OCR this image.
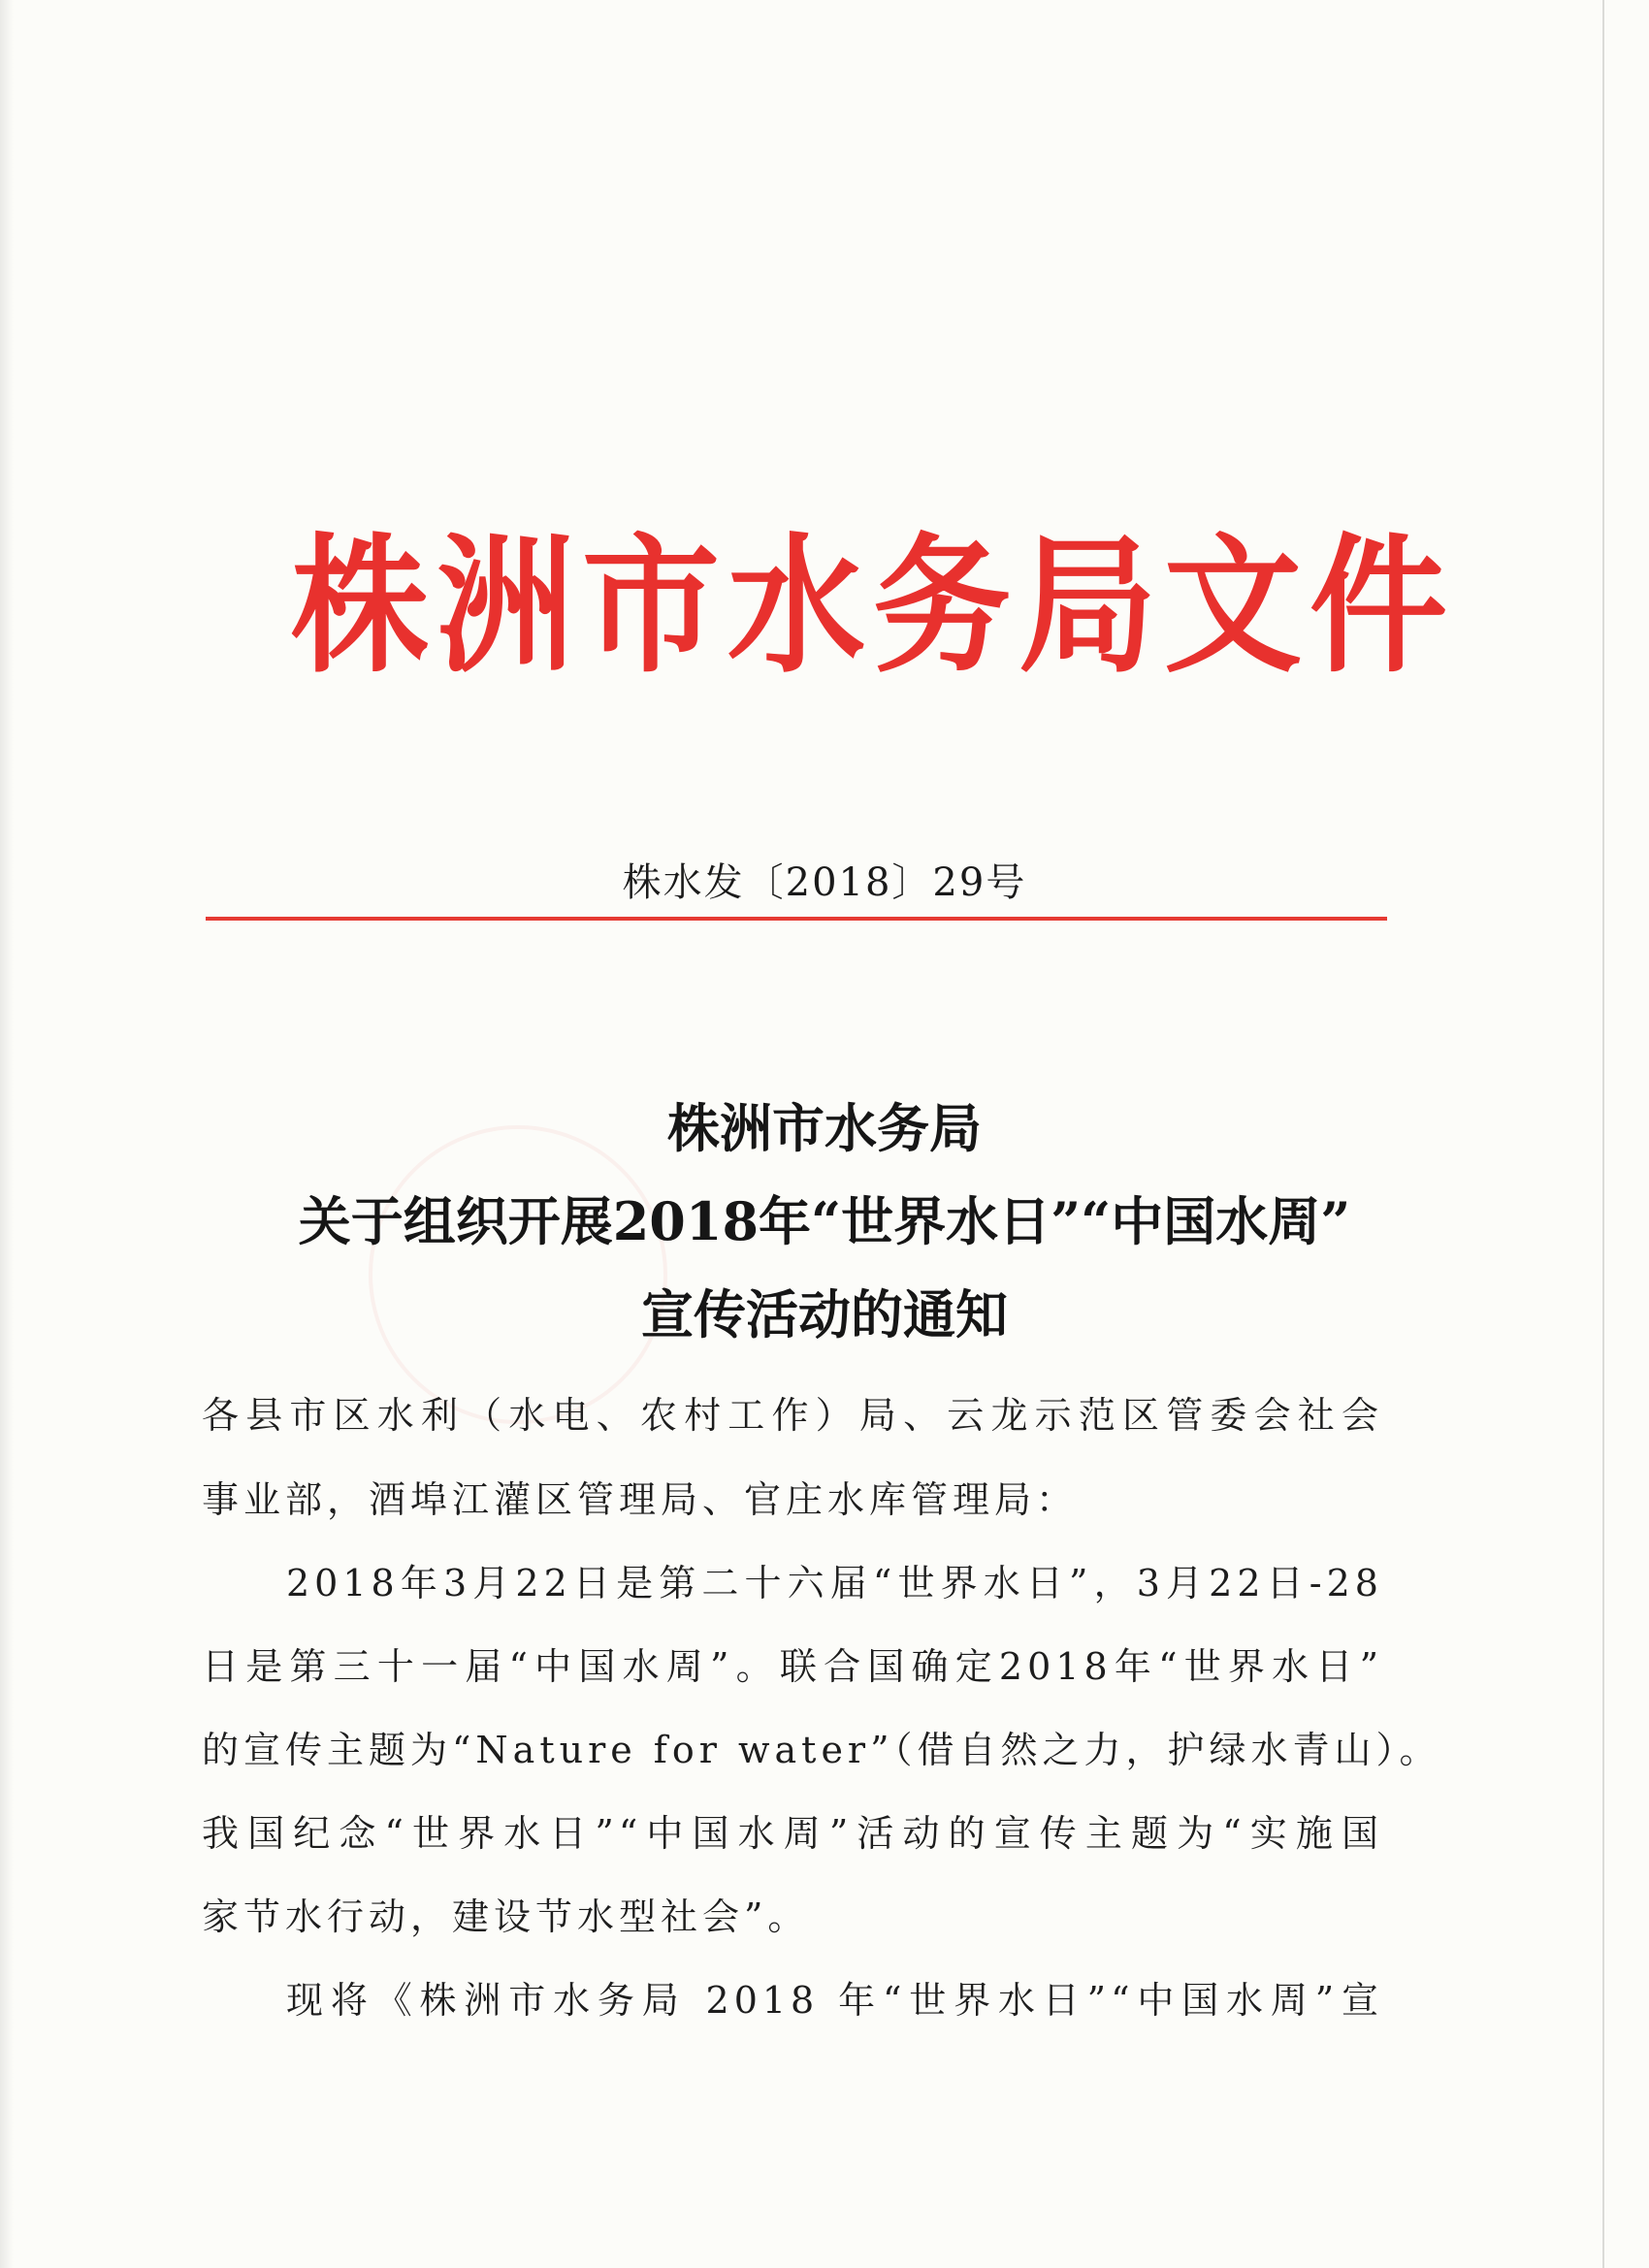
株洲市水务局文件
株水发〔2018〕29号
株洲市水务局
关于组织开展2018年“世界水日”“中国水周”
宣传活动的通知
各县市区水利（水电、农村工作）局、云龙示范区管委会社会
事业部，酒埠江灌区管理局、官庄水库管理局：
2018年3月22日是第二十六届“世界水日”，3月22日-28
日是第三十一届“中国水周”。联合国确定2018年“世界水日”
的宣传主题为“Nature for water”（借自然之力，护绿水青山）。
我国纪念“世界水日”“中国水周”活动的宣传主题为“实施国
家节水行动，建设节水型社会”。
现将《株洲市水务局 2018 年“世界水日”“中国水周”宣
